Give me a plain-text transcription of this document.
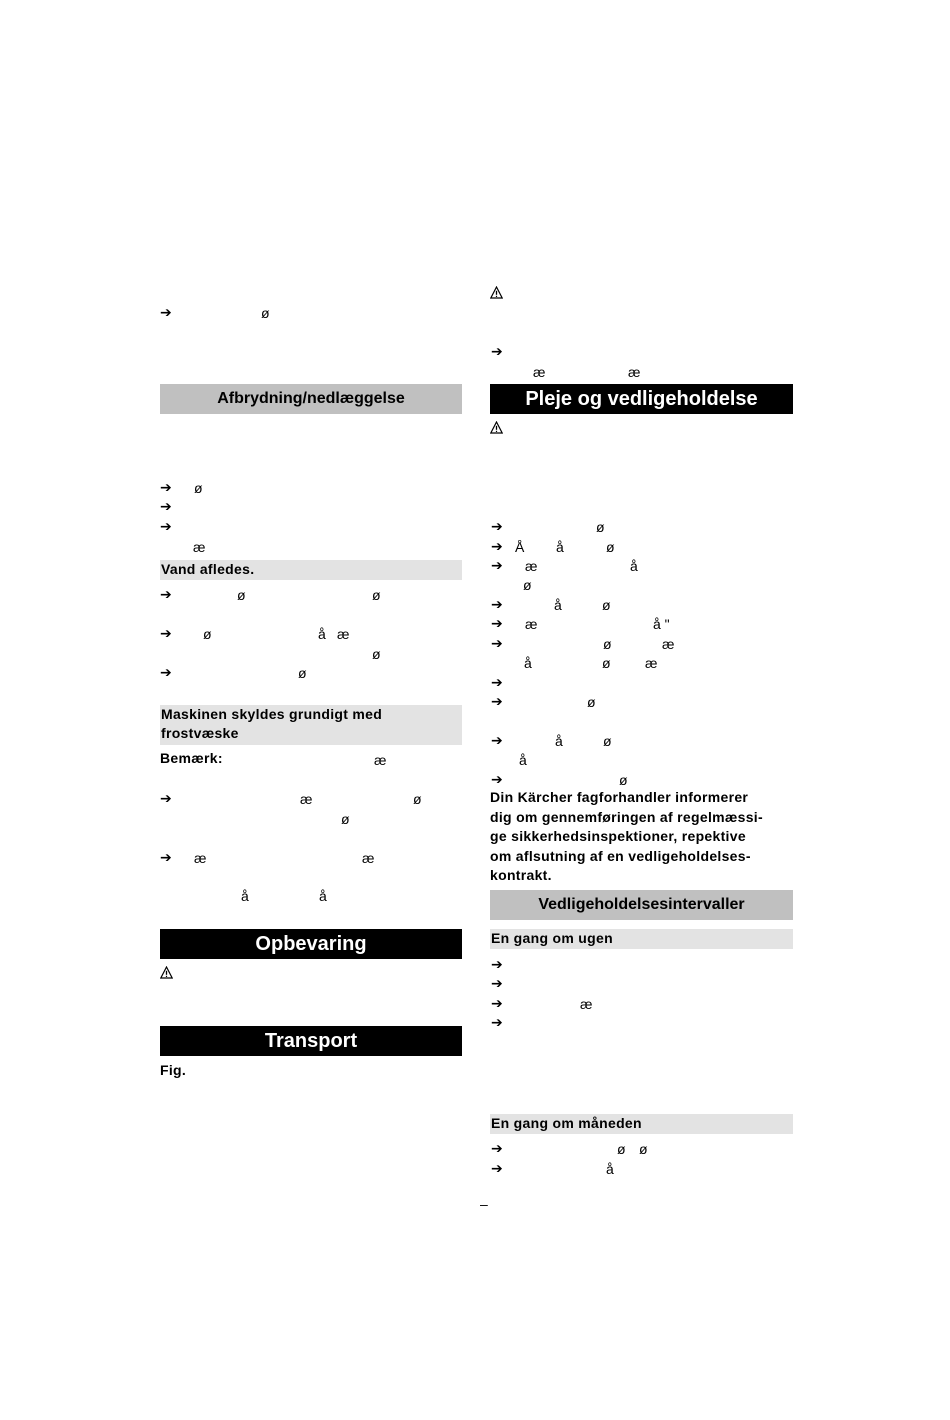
➔	ø
Afbrydning/nedlæggelse
➔ ø
➔
➔
æ
Vand afledes.
➔	ø	ø
➔ ø	å æ
ø
➔	ø
Maskinen skyldes grundigt med
frostvæske
Bemærk:	æ
➔	æ	ø
ø
➔ æ	æ
å	å
Opbevaring
Transport
Fig.
➔
æ	æ
Pleje og vedligeholdelse
➔	ø
➔ Å å	ø
➔ æ	å
ø
➔	å	ø
➔ æ	å "
➔	ø	æ
å	ø æ
➔
➔	ø
➔	å	ø
å
➔	ø
Din Kärcher fagforhandler informerer
dig om gennemføringen af regelmæssi-
ge sikkerhedsinspektioner, repektive
om aflsutning af en vedligeholdelses-
kontrakt.
Vedligeholdelsesintervaller
En gang om ugen
➔
➔
➔	æ
➔
En gang om måneden
➔	ø ø
➔	å
–
